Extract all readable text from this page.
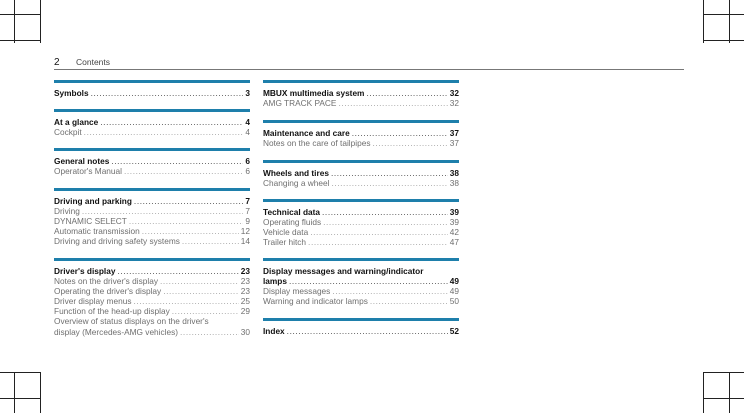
2 Contents
Symbols .....	3
At a glance .....	4
Cockpit .....	4
General notes .....	6
Operator's Manual .....	6
Driving and parking .....	7
Driving .....	7
DYNAMIC SELECT .....	9
Automatic transmission .....	12
Driving and driving safety systems .....	14
Driver's display .....	23
Notes on the driver's display .....	23
Operating the driver's display .....	23
Driver display menus .....	25
Function of the head-up display .....	29
Overview of status displays on the driver's
display (Mercedes-AMG vehicles) .....	30
MBUX multimedia system .....	32
AMG TRACK PACE .....	32
Maintenance and care .....	37
Notes on the care of tailpipes .....	37
Wheels and tires .....	38
Changing a wheel .....	38
Technical data .....	39
Operating fluids .....	39
Vehicle data .....	42
Trailer hitch .....	47
Display messages and warning/indicator
lamps .....	49
Display messages .....	49
Warning and indicator lamps .....	50
Index .....	52
